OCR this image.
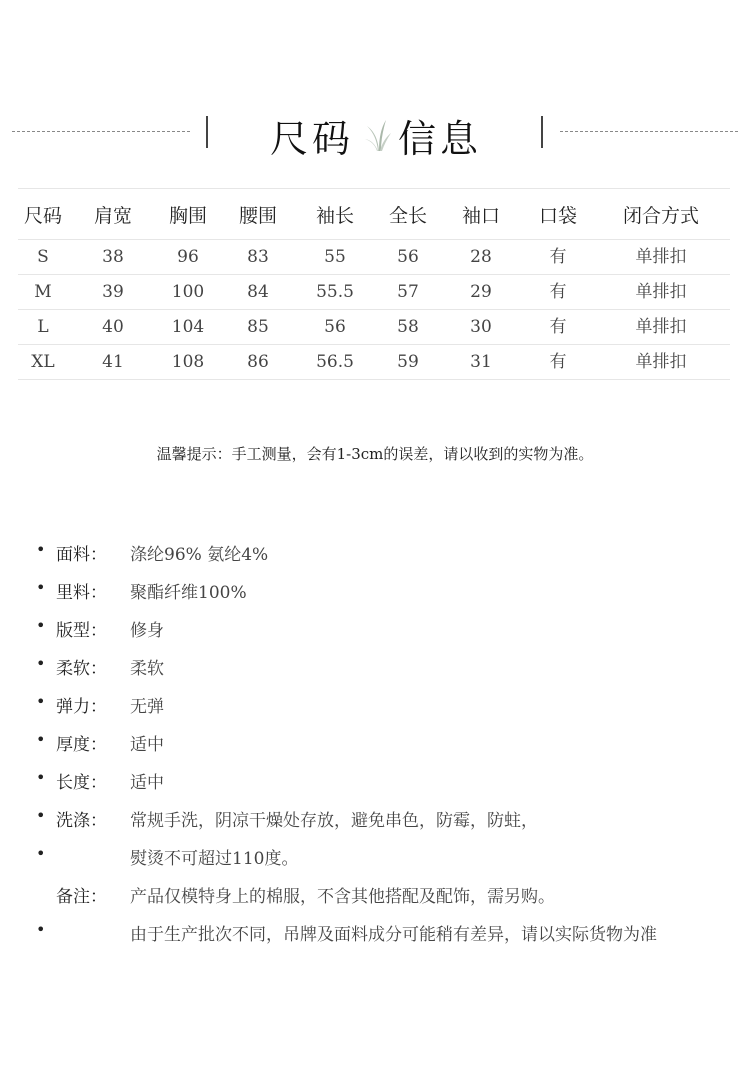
尺码 信息
尺码	肩宽	胸围	腰围	袖长	全长	袖口	口袋	闭合方式
S	38	96	83	55	56	28	有	单排扣
M	39	100	84	55.5	57	29	有	单排扣
L	40	104	85	56	58	30	有	单排扣
XL	41	108	86	56.5	59	31	有	单排扣
温馨提示：手工测量，会有1-3cm的误差，请以收到的实物为准。
• 面料： 涤纶96% 氨纶4%
• 里料： 聚酯纤维100%
• 版型： 修身
• 柔软： 柔软
• 弹力： 无弹
• 厚度： 适中
• 长度： 适中
• 洗涤： 常规手洗，阴凉干燥处存放，避免串色，防霉，防蛀，
•	熨烫不可超过110度。
备注： 产品仅模特身上的棉服，不含其他搭配及配饰，需另购。
•	由于生产批次不同，吊牌及面料成分可能稍有差异，请以实际货物为准
